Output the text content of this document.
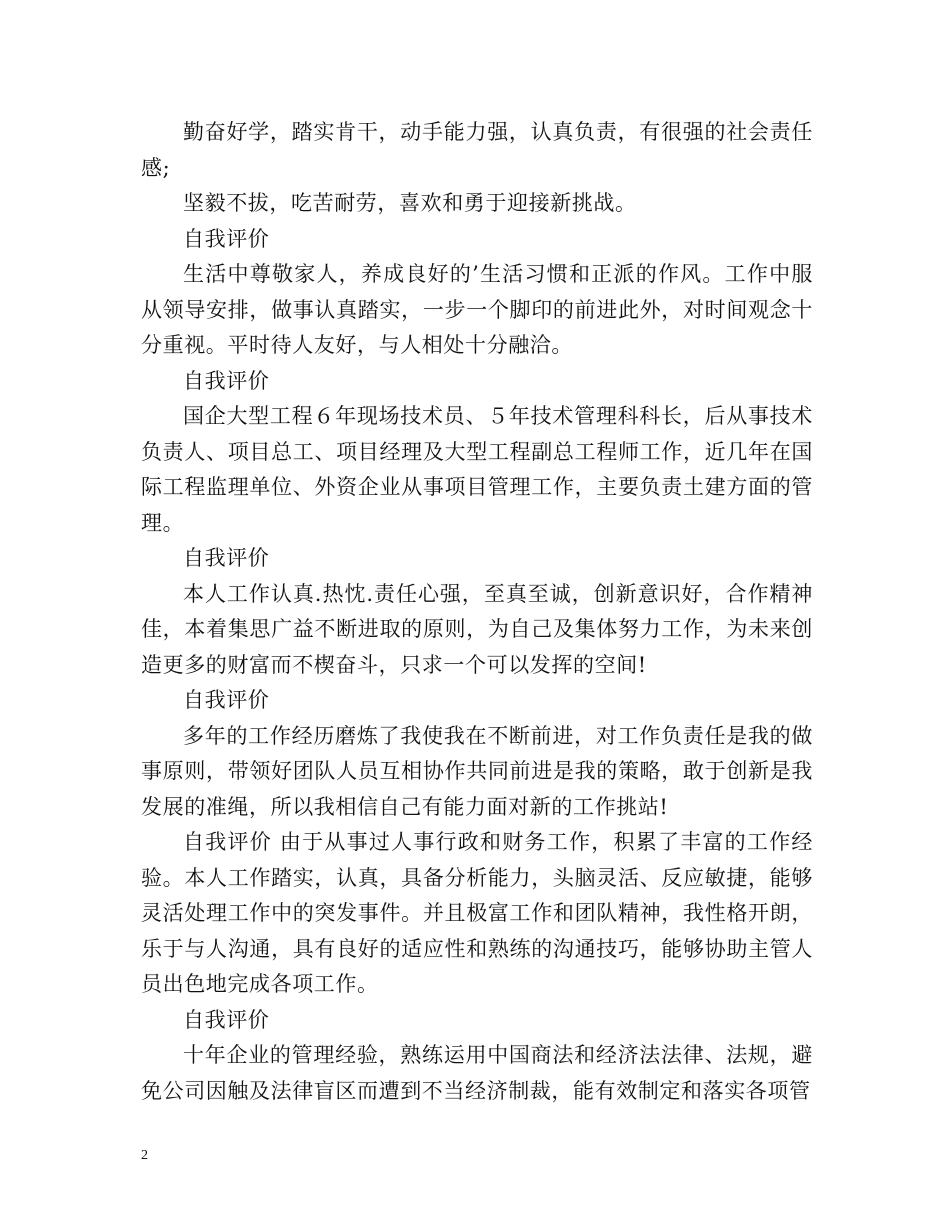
勤奋好学，踏实肯干，动手能力强，认真负责，有很强的社会责任感;

坚毅不拔，吃苦耐劳，喜欢和勇于迎接新挑战。

自我评价

生活中尊敬家人，养成良好的’生活习惯和正派的作风。工作中服从领导安排，做事认真踏实，一步一个脚印的前进此外，对时间观念十分重视。平时待人友好，与人相处十分融洽。

自我评价

国企大型工程６年现场技术员、５年技术管理科科长，后从事技术负责人、项目总工、项目经理及大型工程副总工程师工作，近几年在国际工程监理单位、外资企业从事项目管理工作，主要负责土建方面的管理。

自我评价

本人工作认真.热忱.责任心强，至真至诚，创新意识好，合作精神佳，本着集思广益不断进取的原则，为自己及集体努力工作，为未来创造更多的财富而不楔奋斗，只求一个可以发挥的空间!

自我评价

多年的工作经历磨炼了我使我在不断前进，对工作负责任是我的做事原则，带领好团队人员互相协作共同前进是我的策略，敢于创新是我发展的准绳，所以我相信自己有能力面对新的工作挑站!

自我评价 由于从事过人事行政和财务工作，积累了丰富的工作经验。本人工作踏实，认真，具备分析能力，头脑灵活、反应敏捷，能够灵活处理工作中的突发事件。并且极富工作和团队精神，我性格开朗，乐于与人沟通，具有良好的适应性和熟练的沟通技巧，能够协助主管人员出色地完成各项工作。

自我评价

十年企业的管理经验，熟练运用中国商法和经济法法律、法规，避免公司因触及法律盲区而遭到不当经济制裁，能有效制定和落实各项管

2
